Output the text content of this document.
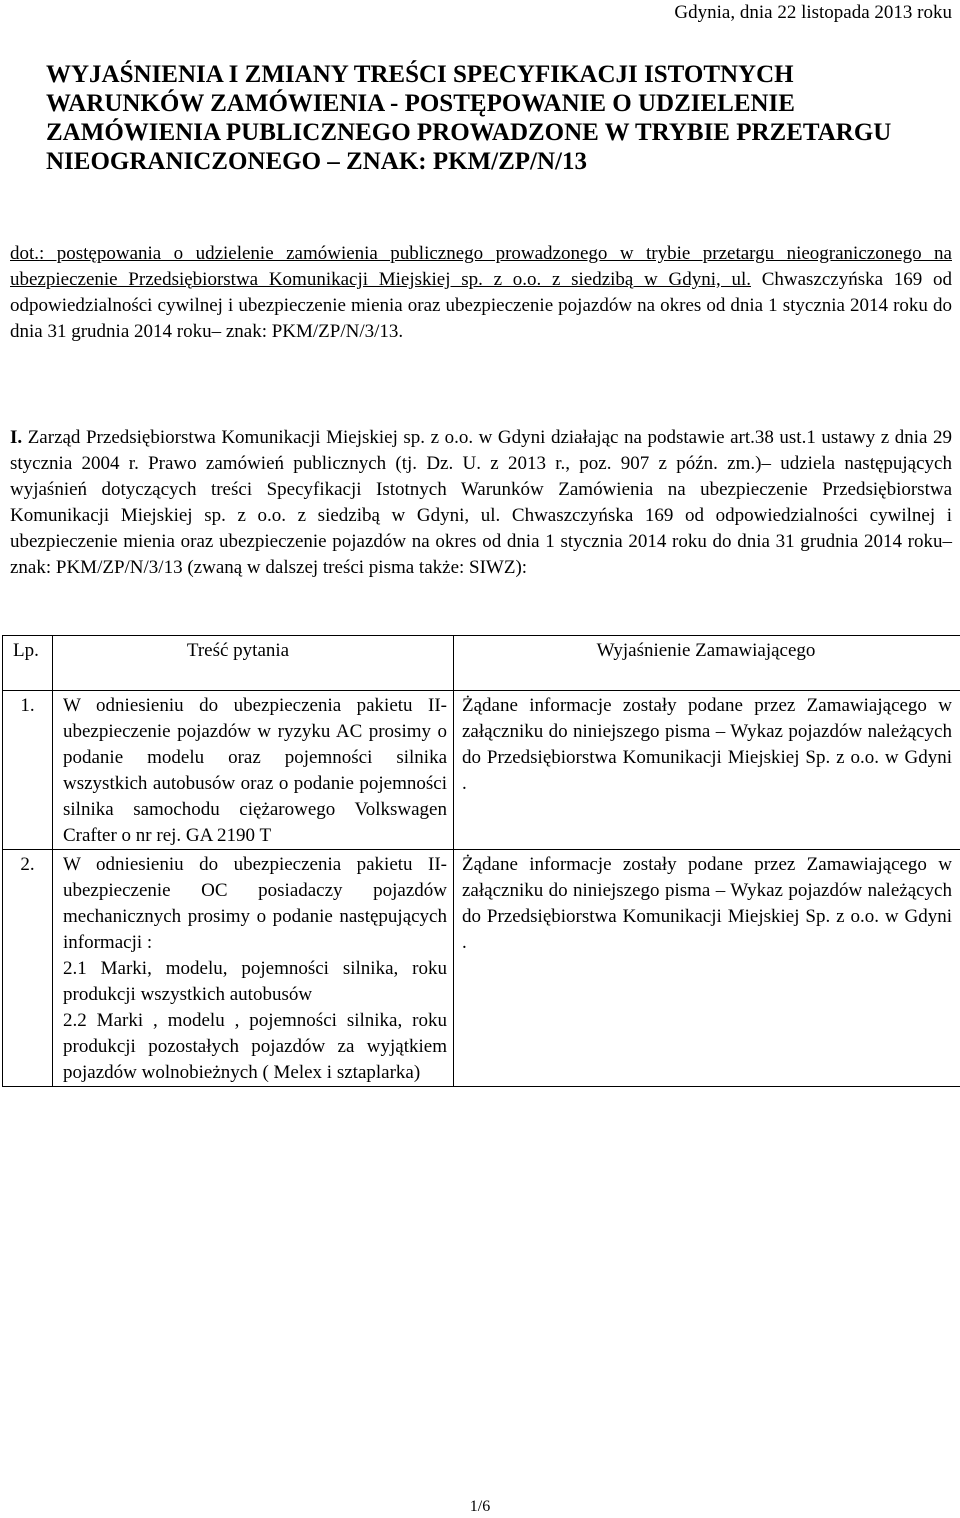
Gdynia, dnia 22 listopada 2013 roku
WYJAŚNIENIA I ZMIANY TREŚCI SPECYFIKACJI ISTOTNYCH WARUNKÓW ZAMÓWIENIA - POSTĘPOWANIE O UDZIELENIE ZAMÓWIENIA PUBLICZNEGO PROWADZONE W TRYBIE PRZETARGU NIEOGRANICZONEGO – ZNAK: PKM/ZP/N/13

dot.: postępowania o udzielenie zamówienia publicznego prowadzonego w trybie przetargu nieograniczonego na ubezpieczenie Przedsiębiorstwa Komunikacji Miejskiej sp. z o.o. z siedzibą w Gdyni, ul. Chwaszczyńska 169 od odpowiedzialności cywilnej i ubezpieczenie mienia oraz ubezpieczenie pojazdów na okres od dnia 1 stycznia 2014 roku do dnia 31 grudnia 2014 roku– znak: PKM/ZP/N/3/13.

I. Zarząd Przedsiębiorstwa Komunikacji Miejskiej sp. z o.o. w Gdyni działając na podstawie art.38 ust.1 ustawy z dnia 29 stycznia 2004 r. Prawo zamówień publicznych (tj. Dz. U. z 2013 r., poz. 907 z późn. zm.)– udziela następujących wyjaśnień dotyczących treści Specyfikacji Istotnych Warunków Zamówienia na ubezpieczenie Przedsiębiorstwa Komunikacji Miejskiej sp. z o.o. z siedzibą w Gdyni, ul. Chwaszczyńska 169 od odpowiedzialności cywilnej i ubezpieczenie mienia oraz ubezpieczenie pojazdów na okres od dnia 1 stycznia 2014 roku do dnia 31 grudnia 2014 roku– znak: PKM/ZP/N/3/13 (zwaną w dalszej treści pisma także: SIWZ):

Lp.	Treść pytania	Wyjaśnienie Zamawiającego
1.	W odniesieniu do ubezpieczenia pakietu II-ubezpieczenie pojazdów w ryzyku AC prosimy o podanie modelu oraz pojemności silnika wszystkich autobusów oraz o podanie pojemności silnika samochodu ciężarowego Volkswagen Crafter o nr rej. GA 2190 T	Żądane informacje zostały podane przez Zamawiającego w załączniku do niniejszego pisma – Wykaz pojazdów należących do Przedsiębiorstwa Komunikacji Miejskiej Sp. z o.o. w Gdyni .

2.	W odniesieniu do ubezpieczenia pakietu II- ubezpieczenie OC posiadaczy pojazdów mechanicznych prosimy o podanie następujących informacji :

2.1 Marki, modelu, pojemności silnika, roku produkcji wszystkich autobusów

2.2 Marki , modelu , pojemności silnika, roku produkcji pozostałych pojazdów za wyjątkiem pojazdów wolnobieżnych ( Melex i sztaplarka)	Żądane informacje zostały podane przez Zamawiającego w załączniku do niniejszego pisma – Wykaz pojazdów należących do Przedsiębiorstwa Komunikacji Miejskiej Sp. z o.o. w Gdyni .

1/6
